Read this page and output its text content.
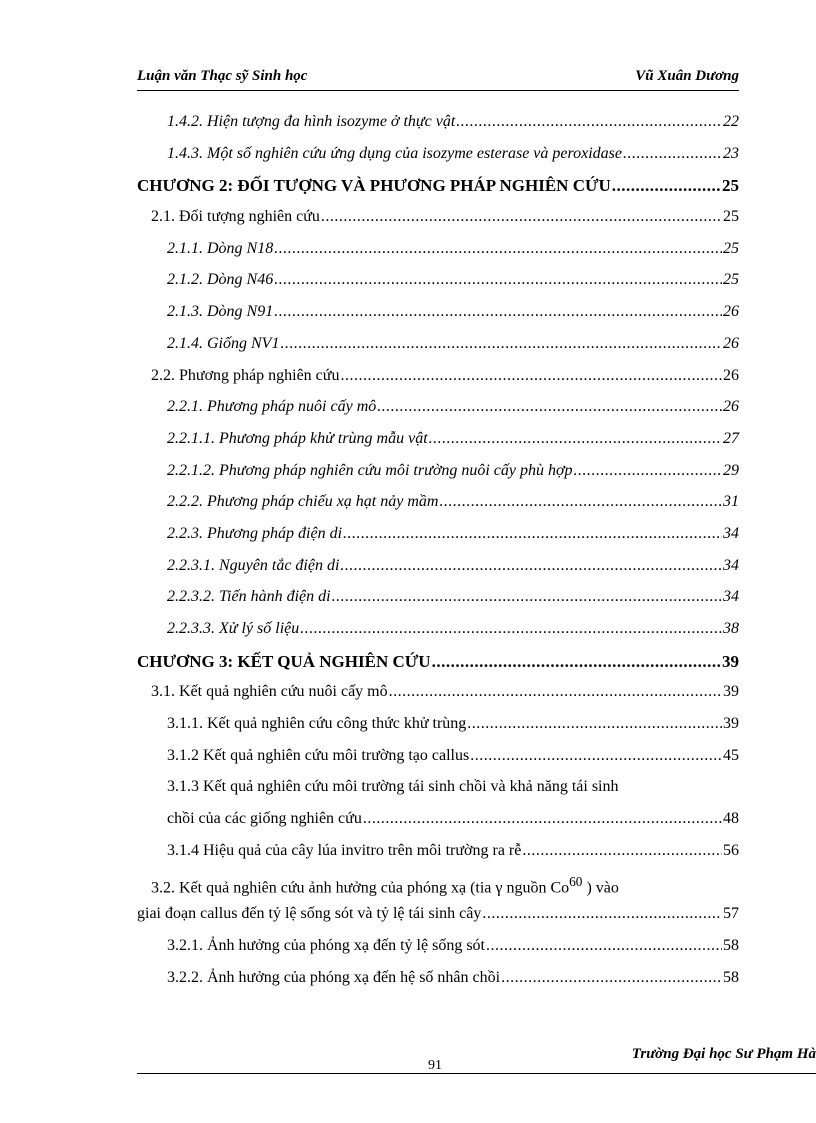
Luận văn Thạc sỹ Sinh học	Vũ Xuân Dương
1.4.2. Hiện tượng đa hình isozyme ở thực vật .....	22
1.4.3. Một số nghiên cứu ứng dụng của isozyme esterase và peroxidase .....	23
CHƯƠNG 2: ĐỐI TƯỢNG VÀ PHƯƠNG PHÁP NGHIÊN CỨU .....	25
2.1. Đối tượng nghiên cứu .....	25
2.1.1. Dòng N18 .....	25
2.1.2. Dòng N46 .....	25
2.1.3. Dòng N91 .....	26
2.1.4. Giống NV1 .....	26
2.2. Phương pháp nghiên cứu .....	26
2.2.1. Phương pháp nuôi cấy mô .....	26
2.2.1.1. Phương pháp khử trùng mẫu vật .....	27
2.2.1.2. Phương pháp nghiên cứu môi trường nuôi cấy phù hợp .....	29
2.2.2. Phương pháp chiếu xạ hạt nảy mầm .....	31
2.2.3. Phương pháp điện di .....	34
2.2.3.1. Nguyên tắc điện di .....	34
2.2.3.2. Tiến hành điện di .....	34
2.2.3.3. Xử lý số liệu .....	38
CHƯƠNG 3: KẾT QUẢ NGHIÊN CỨU .....	39
3.1. Kết quả nghiên cứu nuôi cấy mô .....	39
3.1.1. Kết quả nghiên cứu công thức khử trùng .....	39
3.1.2 Kết quả nghiên cứu môi trường tạo callus .....	45
3.1.3 Kết quả nghiên cứu môi trường tái sinh chồi và khả năng tái sinh
chồi của các giống nghiên cứu .....	48
3.1.4 Hiệu quả của cây lúa invitro trên môi trường ra rễ .....	56
3.2. Kết quả nghiên cứu ảnh hưởng của phóng xạ (tia γ nguồn Co$^{60}$ ) vào
giai đoạn callus đến tỷ lệ sống sót và tỷ lệ tái sinh cây .....	57
3.2.1. Ảnh hưởng của phóng xạ đến tỷ lệ sống sót .....	58
3.2.2. Ảnh hưởng của phóng xạ đến hệ số nhân chồi .....	58
Trường Đại học Sư Phạm Hà
91
